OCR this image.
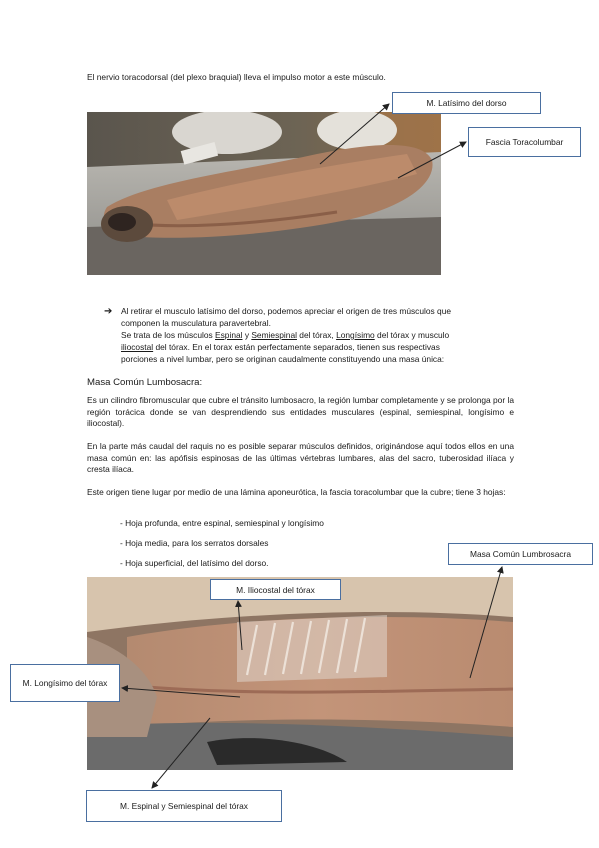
El nervio toracodorsal (del plexo braquial) lleva el impulso motor a este músculo.
M. Latísimo del dorso
Fascia Toracolumbar
➔ Al retirar el musculo latísimo del dorso, podemos apreciar el origen de tres músculos que
componen la musculatura paravertebral.
Se trata de los músculos Espinal y Semiespinal del tórax, Longísimo del tórax y musculo
iliocostal del tórax. En el torax están perfectamente separados, tienen sus respectivas
porciones a nivel lumbar, pero se originan caudalmente constituyendo una masa única:
Masa Común Lumbosacra:
Es un cilindro fibromuscular que cubre el tránsito lumbosacro, la región lumbar completamente y se prolonga por la región torácica donde se van desprendiendo sus entidades musculares (espinal, semiespinal, longísimo e iliocostal).
En la parte más caudal del raquis no es posible separar músculos definidos, originándose aquí todos ellos en una masa común en: las apófisis espinosas de las últimas vértebras lumbares, alas del sacro, tuberosidad ilíaca y cresta ilíaca.
Este origen tiene lugar por medio de una lámina aponeurótica, la fascia toracolumbar que la cubre; tiene 3 hojas:
- Hoja profunda, entre espinal, semiespinal y longísimo
- Hoja media, para los serratos dorsales
- Hoja superficial, del latísimo del dorso.
Masa Común Lumbrosacra
M. Iliocostal del tórax
M. Longísimo del tórax
M. Espinal y Semiespinal del tórax
